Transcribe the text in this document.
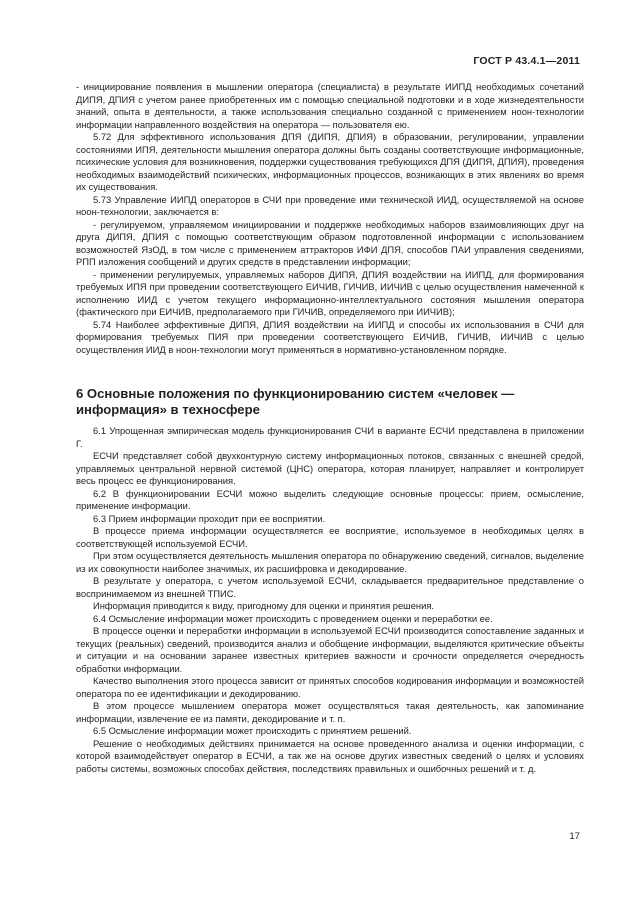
ГОСТ Р 43.4.1—2011

- инициирование появления в мышлении оператора (специалиста) в результате ИИПД необходимых сочетаний ДИПЯ, ДПИЯ с учетом ранее приобретенных им с помощью специальной подготовки и в ходе жизнедеятельности знаний, опыта в деятельности, а также использования специально созданной с применением ноон-технологии информации направленного воздействия на оператора — пользователя ею.

5.72 Для эффективного использования ДПЯ (ДИПЯ, ДПИЯ) в образовании, регулировании, управлении состояниями ИПЯ, деятельности мышления оператора должны быть созданы соответствующие информационные, психические условия для возникновения, поддержки существования требующихся ДПЯ (ДИПЯ, ДПИЯ), проведения необходимых взаимодействий психических, информационных процессов, возникающих в этих явлениях во время их существования.

5.73 Управление ИИПД операторов в СЧИ при проведение ими технической ИИД, осуществляемой на основе ноон-технологии, заключается в:

- регулируемом, управляемом инициировании и поддержке необходимых наборов взаимовлияющих друг на друга ДИПЯ, ДПИЯ с помощью соответствующим образом подготовленной информации с использованием возможностей ЯзОД, в том числе с применением аттракторов ИФИ ДПЯ, способов ПАИ управления сведениями, РПП изложения сообщений и других средств в представлении информации;

- применении регулируемых, управляемых наборов ДИПЯ, ДПИЯ воздействии на ИИПД, для формирования требуемых ИПЯ при проведении соответствующего ЕИЧИВ, ГИЧИВ, ИИЧИВ с целью осуществления намеченной к исполнению ИИД с учетом текущего информационно-интеллектуального состояния мышления оператора (фактического при ЕИЧИВ, предполагаемого при ГИЧИВ, определяемого при ИИЧИВ);

5.74 Наиболее эффективные ДИПЯ, ДПИЯ воздействии на ИИПД и способы их использования в СЧИ для формирования требуемых ПИЯ при проведении соответствующего ЕИЧИВ, ГИЧИВ, ИИЧИВ с целью осуществления ИИД в ноон-технологии могут применяться в нормативно-установленном порядке.

6 Основные положения по функционированию систем «человек — информация» в техносфере

6.1 Упрощенная эмпирическая модель функционирования СЧИ в варианте ЕСЧИ представлена в приложении Г.

ЕСЧИ представляет собой двухконтурную систему информационных потоков, связанных с внешней средой, управляемых центральной нервной системой (ЦНС) оператора, которая планирует, направляет и контролирует весь процесс ее функционирования.

6.2 В функционировании ЕСЧИ можно выделить следующие основные процессы: прием, осмысление, применение информации.

6.3 Прием информации проходит при ее восприятии.

В процессе приема информации осуществляется ее восприятие, используемое в необходимых целях в соответствующей используемой ЕСЧИ.

При этом осуществляется деятельность мышления оператора по обнаружению сведений, сигналов, выделение из их совокупности наиболее значимых, их расшифровка и декодирование.

В результате у оператора, с учетом используемой ЕСЧИ, складывается предварительное представление о воспринимаемом из внешней ТПИС.

Информация приводится к виду, пригодному для оценки и принятия решения.

6.4 Осмысление информации может происходить с проведением оценки и переработки ее.

В процессе оценки и переработки информации в используемой ЕСЧИ производится сопоставление заданных и текущих (реальных) сведений, производится анализ и обобщение информации, выделяются критические объекты и ситуации и на основании заранее известных критериев важности и срочности определяется очередность обработки информации.

Качество выполнения этого процесса зависит от принятых способов кодирования информации и возможностей оператора по ее идентификации и декодированию.

В этом процессе мышлением оператора может осуществляться такая деятельность, как запоминание информации, извлечение ее из памяти, декодирование и т. п.

6.5 Осмысление информации может происходить с принятием решений.

Решение о необходимых действиях принимается на основе проведенного анализа и оценки информации, с которой взаимодействует оператор в ЕСЧИ, а так же на основе других известных сведений о целях и условиях работы системы, возможных способах действия, последствиях правильных и ошибочных решений и т. д.

17
